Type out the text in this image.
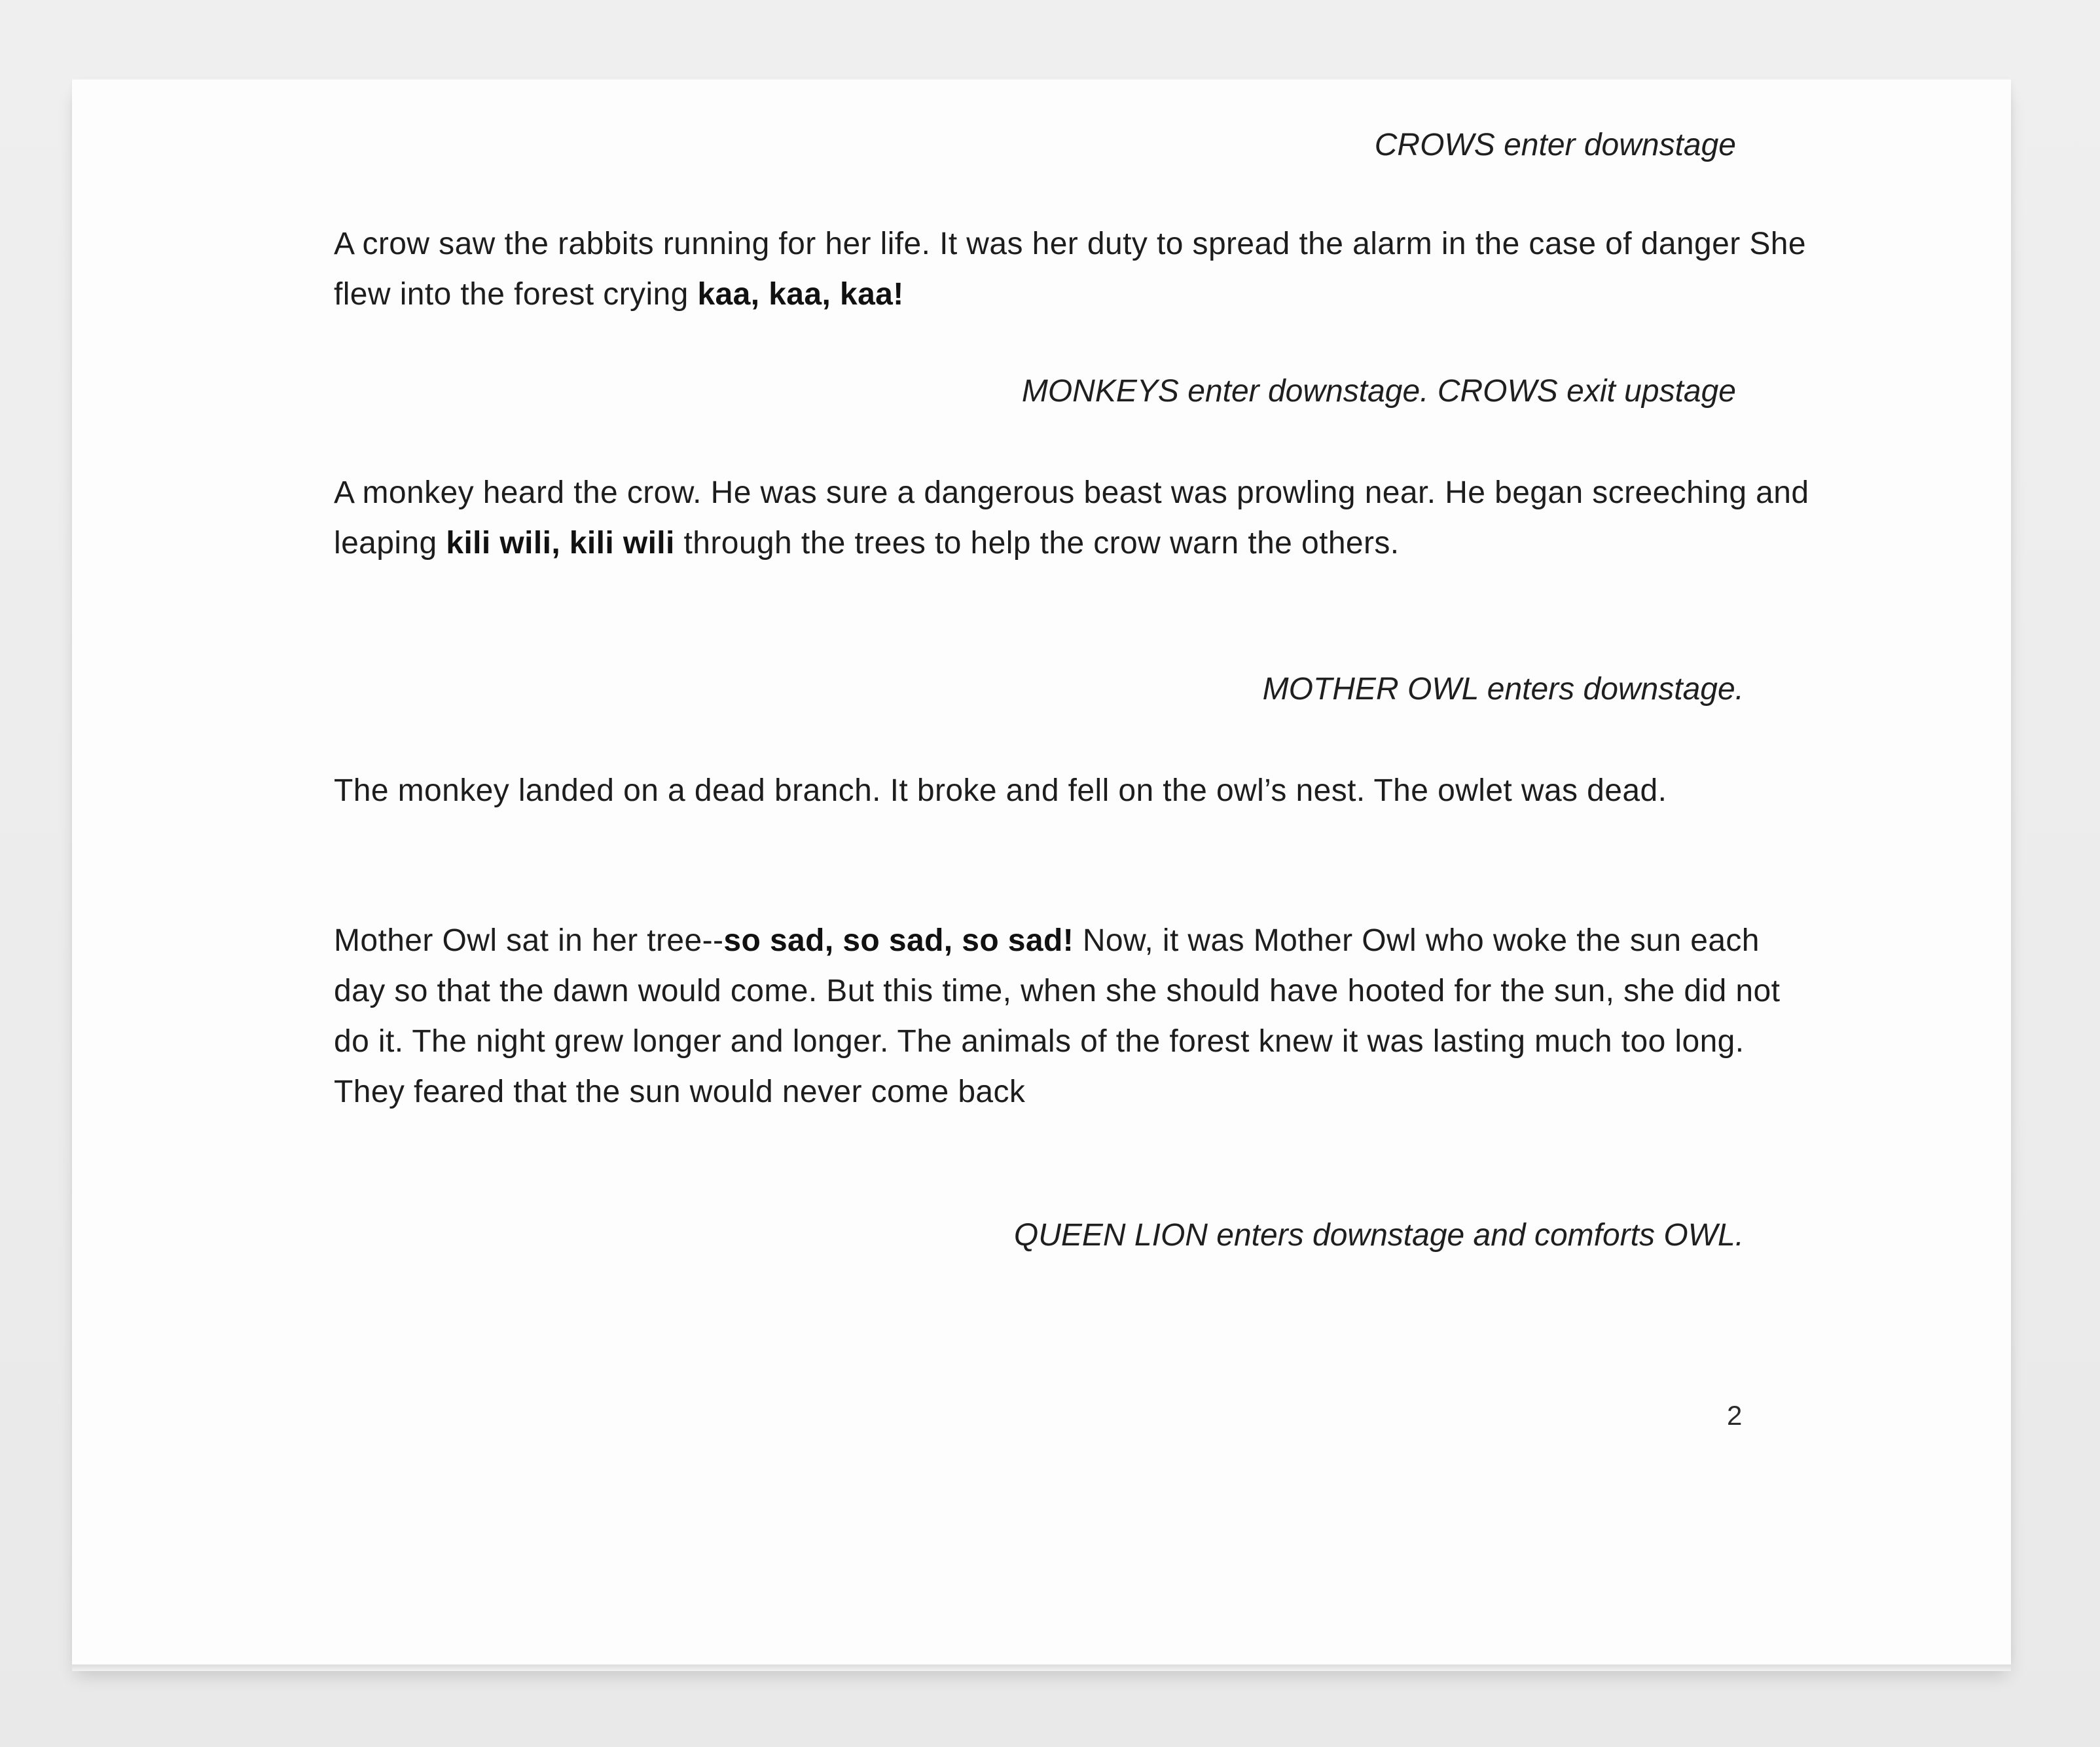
CROWS enter downstage

A crow saw the rabbits running for her life. It was her duty to spread the alarm in the case of danger She flew into the forest crying kaa, kaa, kaa!

MONKEYS enter downstage. CROWS exit upstage

A monkey heard the crow. He was sure a dangerous beast was prowling near. He began screeching and leaping kili wili, kili wili through the trees to help the crow warn the others.

MOTHER OWL enters downstage.

The monkey landed on a dead branch. It broke and fell on the owl’s nest. The owlet was dead.

Mother Owl sat in her tree--so sad, so sad, so sad! Now, it was Mother Owl who woke the sun each day so that the dawn would come. But this time, when she should have hooted for the sun, she did not do it. The night grew longer and longer. The animals of the forest knew it was lasting much too long. They feared that the sun would never come back

QUEEN LION enters downstage and comforts OWL.
2
